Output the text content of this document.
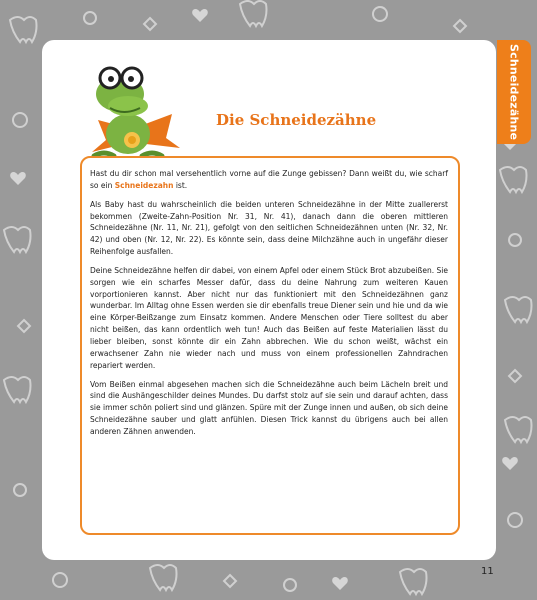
Schneidezähne
Die Schneidezähne

Hast du dir schon mal versehentlich vorne auf die Zunge gebissen? Dann weißt du, wie scharf so ein Schneidezahn ist.

Als Baby hast du wahrscheinlich die beiden unteren Schneidezähne in der Mitte zuallererst bekommen (Zweite-Zahn-Position Nr. 31, Nr. 41), danach dann die oberen mittleren Schneidezähne (Nr. 11, Nr. 21), gefolgt von den seitlichen Schneidezähnen unten (Nr. 32, Nr. 42) und oben (Nr. 12, Nr. 22). Es könnte sein, dass deine Milchzähne auch in ungefähr dieser Reihenfolge ausfallen.

Deine Schneidezähne helfen dir dabei, von einem Apfel oder einem Stück Brot abzubeißen. Sie sorgen wie ein scharfes Messer dafür, dass du deine Nahrung zum weiteren Kauen vorportionieren kannst. Aber nicht nur das funktioniert mit den Schneidezähnen ganz wunderbar. Im Alltag ohne Essen werden sie dir ebenfalls treue Diener sein und hie und da wie eine Körper-Beißzange zum Einsatz kommen. Andere Menschen oder Tiere solltest du aber nicht beißen, das kann ordentlich weh tun! Auch das Beißen auf feste Materialien lässt du lieber bleiben, sonst könnte dir ein Zahn abbrechen. Wie du schon weißt, wächst ein erwachsener Zahn nie wieder nach und muss von einem professionellen Zahndrachen repariert werden.

Vom Beißen einmal abgesehen machen sich die Schneidezähne auch beim Lächeln breit und sind die Aushängeschilder deines Mundes. Du darfst stolz auf sie sein und darauf achten, dass sie immer schön poliert sind und glänzen. Spüre mit der Zunge innen und außen, ob sich deine Schneidezähne sauber und glatt anfühlen. Diesen Trick kannst du übrigens auch bei allen anderen Zähnen anwenden.

11
